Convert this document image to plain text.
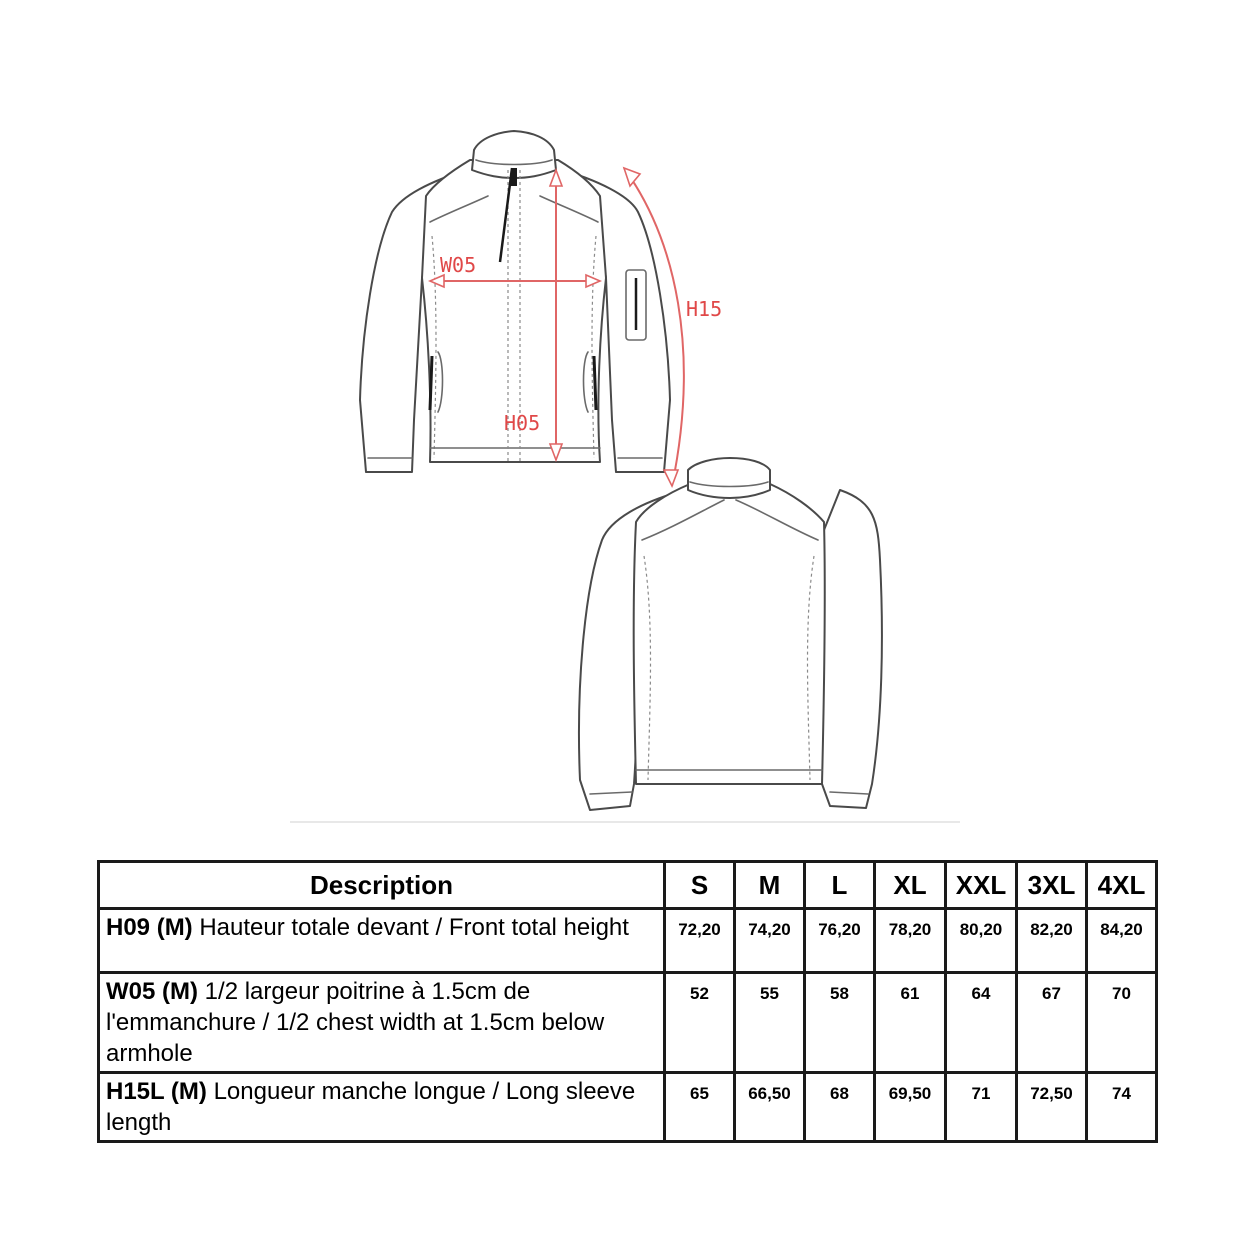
W05
H05
H15
Description	S	M	L	XL	XXL	3XL	4XL
H09 (M) Hauteur totale devant / Front total height	72,20	74,20	76,20	78,20	80,20	82,20	84,20
W05 (M) 1/2 largeur poitrine à 1.5cm de l'emmanchure / 1/2 chest width at 1.5cm below armhole	52	55	58	61	64	67	70
H15L (M) Longueur manche longue / Long sleeve length	65	66,50	68	69,50	71	72,50	74
